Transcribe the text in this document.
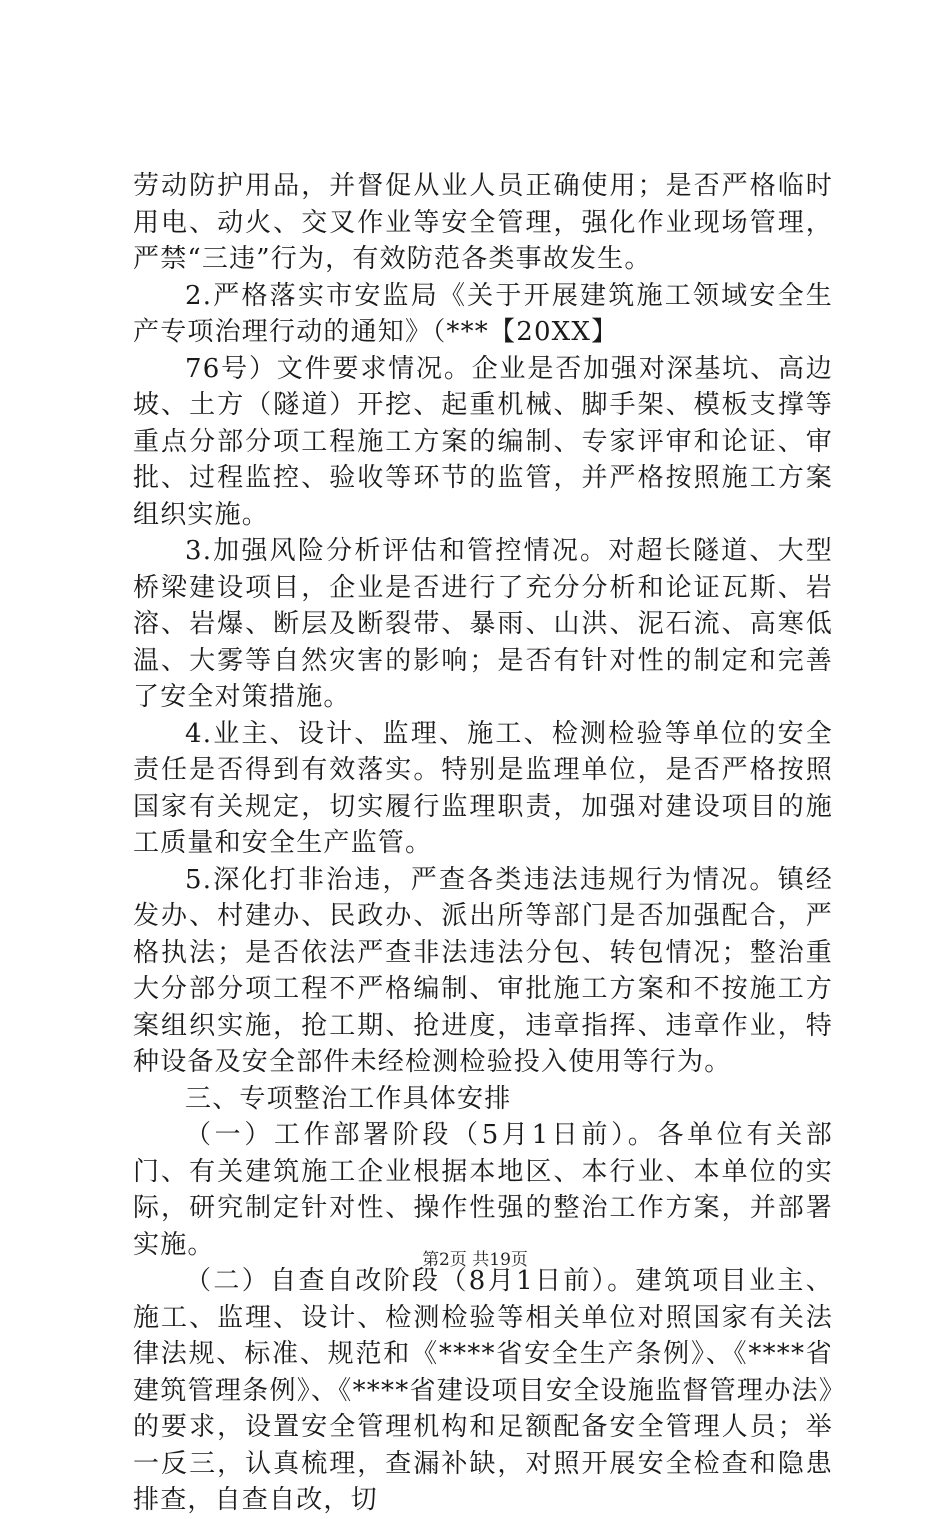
劳动防护用品，并督促从业人员正确使用；是否严格临时用电、动火、交叉作业等安全管理，强化作业现场管理，严禁“三违”行为，有效防范各类事故发生。

2.严格落实市安监局《关于开展建筑施工领域安全生产专项治理行动的通知》（***【20XX】

76号）文件要求情况。企业是否加强对深基坑、高边坡、土方（隧道）开挖、起重机械、脚手架、模板支撑等重点分部分项工程施工方案的编制、专家评审和论证、审批、过程监控、验收等环节的监管，并严格按照施工方案组织实施。

3.加强风险分析评估和管控情况。对超长隧道、大型桥梁建设项目，企业是否进行了充分分析和论证瓦斯、岩溶、岩爆、断层及断裂带、暴雨、山洪、泥石流、高寒低温、大雾等自然灾害的影响；是否有针对性的制定和完善了安全对策措施。

4.业主、设计、监理、施工、检测检验等单位的安全责任是否得到有效落实。特别是监理单位，是否严格按照国家有关规定，切实履行监理职责，加强对建设项目的施工质量和安全生产监管。

5.深化打非治违，严查各类违法违规行为情况。镇经发办、村建办、民政办、派出所等部门是否加强配合，严格执法；是否依法严查非法违法分包、转包情况；整治重大分部分项工程不严格编制、审批施工方案和不按施工方案组织实施，抢工期、抢进度，违章指挥、违章作业，特种设备及安全部件未经检测检验投入使用等行为。

三、专项整治工作具体安排

（一）工作部署阶段（5月1日前）。各单位有关部门、有关建筑施工企业根据本地区、本行业、本单位的实际，研究制定针对性、操作性强的整治工作方案，并部署实施。

（二）自查自改阶段（8月1日前）。建筑项目业主、施工、监理、设计、检测检验等相关单位对照国家有关法律法规、标准、规范和《****省安全生产条例》、《****省建筑管理条例》、《****省建设项目安全设施监督管理办法》的要求，设置安全管理机构和足额配备安全管理人员；举一反三，认真梳理，查漏补缺，对照开展安全检查和隐患排查，自查自改，切

第2页 共19页
